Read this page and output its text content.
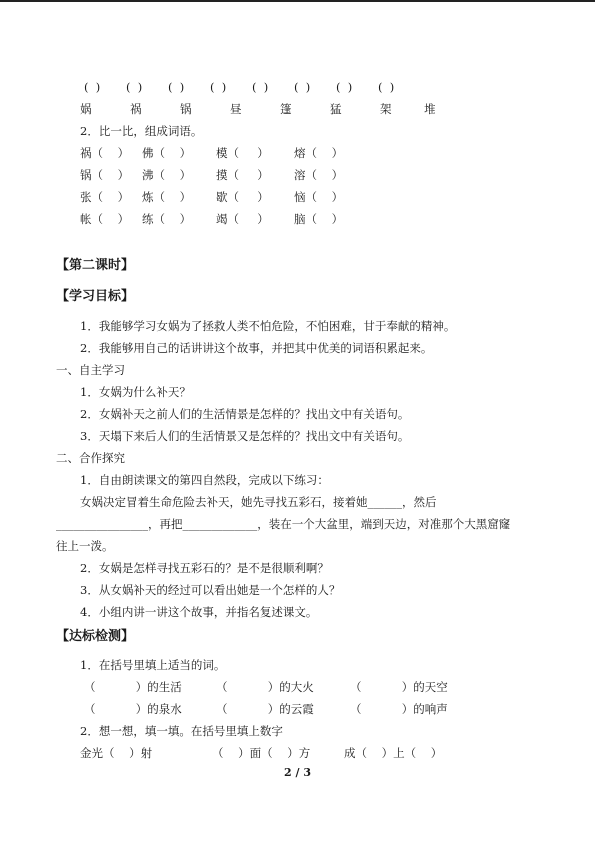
(  )	(  )	(  )	(  )	(  )	(  )	(  )	(  )
娲	祸	锅	昼	篷	猛	架	堆
2．比一比，组成词语。
祸（    ）	佛（    ）	模（     ）	熔（    ）
锅（    ）	沸（    ）	摸（     ）	溶（    ）
张（    ）	炼（    ）	歇（     ）	恼（    ）
帐（    ）	练（    ）	竭（     ）	脑（    ）
【第二课时】
【学习目标】
1．我能够学习女娲为了拯救人类不怕危险，不怕困难，甘于奉献的精神。
2．我能够用自己的话讲讲这个故事，并把其中优美的词语积累起来。
一、自主学习
1．女娲为什么补天？
2．女娲补天之前人们的生活情景是怎样的？找出文中有关语句。
3．天塌下来后人们的生活情景又是怎样的？找出文中有关语句。
二、合作探究
1．自由朗读课文的第四自然段，完成以下练习：
女娲决定冒着生命危险去补天，她先寻找五彩石，接着她______，然后
________________，再把_____________，装在一个大盆里，端到天边，对准那个大黑窟窿
往上一泼。
2．女娲是怎样寻找五彩石的？是不是很顺利啊？
3．从女娲补天的经过可以看出她是一个怎样的人？
4．小组内讲一讲这个故事，并指名复述课文。
【达标检测】
1．在括号里填上适当的词。
（           ）的生活	（           ）的大火	（           ）的天空
（           ）的泉水	（           ）的云霞	（           ）的响声
2．想一想，填一填。在括号里填上数字
金光（    ）射	（    ）面（    ）方	成（    ）上（    ）
2 / 3
